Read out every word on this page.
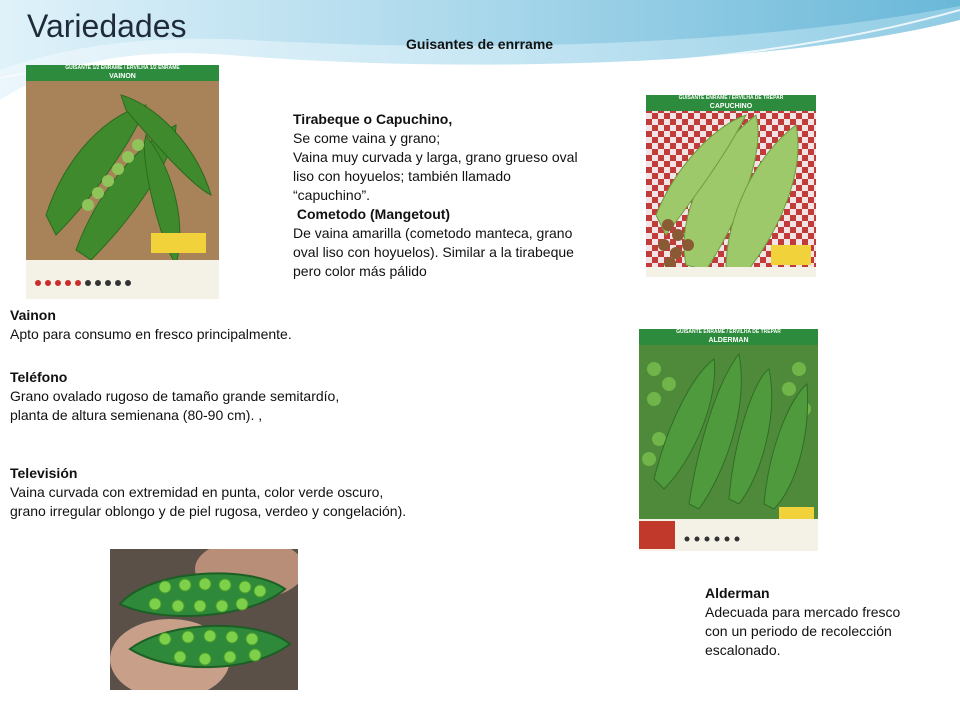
Variedades	Guisantes de enrrame
GUISANTE 1/2 ENRAME / ERVILHA 1/2 ENRAME
VAINON
Tirabeque o Capuchino,
Se come vaina y grano;
Vaina muy curvada y larga, grano grueso oval
liso con hoyuelos; también llamado
“capuchino”.
Cometodo (Mangetout)
De vaina amarilla (cometodo manteca, grano
oval liso con hoyuelos). Similar a la tirabeque
pero color más pálido
GUISANTE ENRAME / ERVILHA DE TREPAR
CAPUCHINO
Vainon
Apto para consumo en fresco principalmente.
Teléfono
Grano ovalado rugoso de tamaño grande semitardío,
planta de altura semienana (80-90 cm). ,
Televisión
Vaina curvada con extremidad en punta, color verde oscuro,
grano irregular oblongo y de piel rugosa, verdeo y congelación).
GUISANTE ENRAME / ERVILHA DE TREPAR
ALDERMAN
Alderman
Adecuada para mercado fresco
con un periodo de recolección
escalonado.
